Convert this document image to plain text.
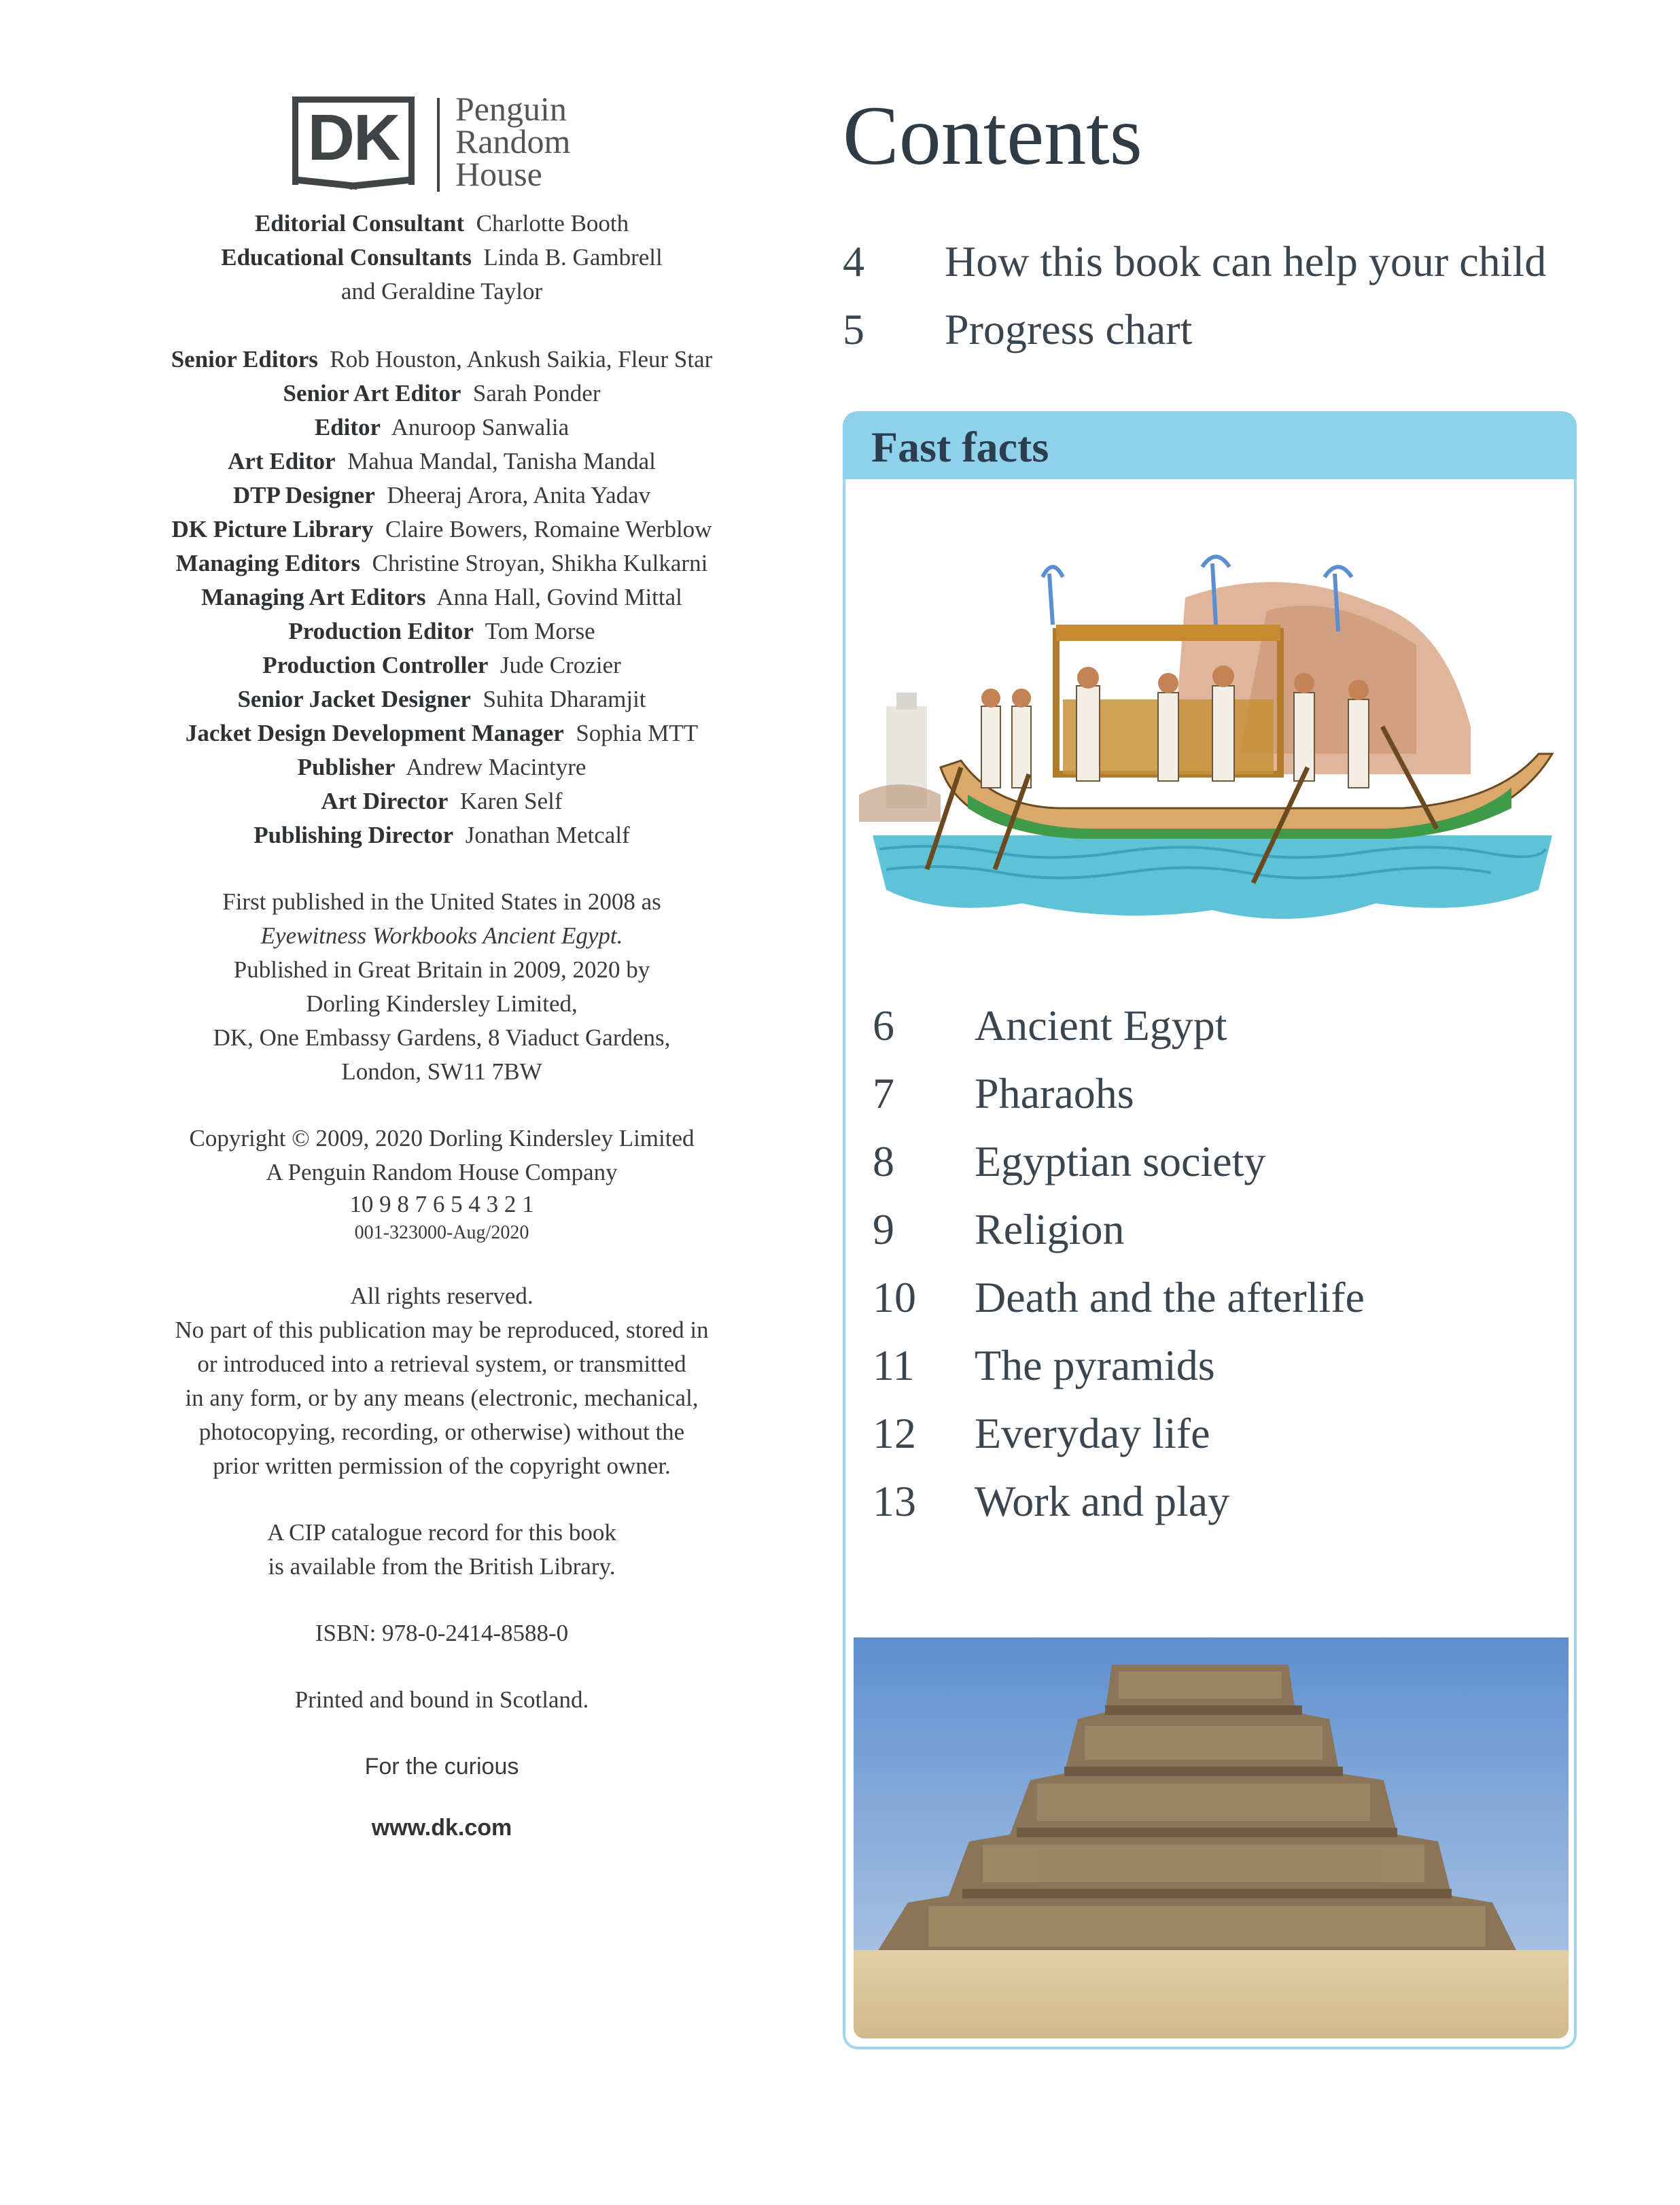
DK	Penguin
Random
House
Editorial Consultant Charlotte Booth
Educational Consultants Linda B. Gambrell
and Geraldine Taylor
Senior Editors Rob Houston, Ankush Saikia, Fleur Star
Senior Art Editor Sarah Ponder
Editor Anuroop Sanwalia
Art Editor Mahua Mandal, Tanisha Mandal
DTP Designer Dheeraj Arora, Anita Yadav
DK Picture Library Claire Bowers, Romaine Werblow
Managing Editors Christine Stroyan, Shikha Kulkarni
Managing Art Editors Anna Hall, Govind Mittal
Production Editor Tom Morse
Production Controller Jude Crozier
Senior Jacket Designer Suhita Dharamjit
Jacket Design Development Manager Sophia MTT
Publisher Andrew Macintyre
Art Director Karen Self
Publishing Director Jonathan Metcalf
First published in the United States in 2008 as
Eyewitness Workbooks Ancient Egypt.
Published in Great Britain in 2009, 2020 by
Dorling Kindersley Limited,
DK, One Embassy Gardens, 8 Viaduct Gardens,
London, SW11 7BW
Copyright © 2009, 2020 Dorling Kindersley Limited
A Penguin Random House Company
10 9 8 7 6 5 4 3 2 1
001-323000-Aug/2020
All rights reserved.
No part of this publication may be reproduced, stored in
or introduced into a retrieval system, or transmitted
in any form, or by any means (electronic, mechanical,
photocopying, recording, or otherwise) without the
prior written permission of the copyright owner.
A CIP catalogue record for this book
is available from the British Library.
ISBN: 978-0-2414-8588-0
Printed and bound in Scotland.
For the curious
www.dk.com
Contents
4 How this book can help your child
5 Progress chart
Fast facts
6 Ancient Egypt
7 Pharaohs
8 Egyptian society
9 Religion
10 Death and the afterlife
11 The pyramids
12 Everyday life
13 Work and play
